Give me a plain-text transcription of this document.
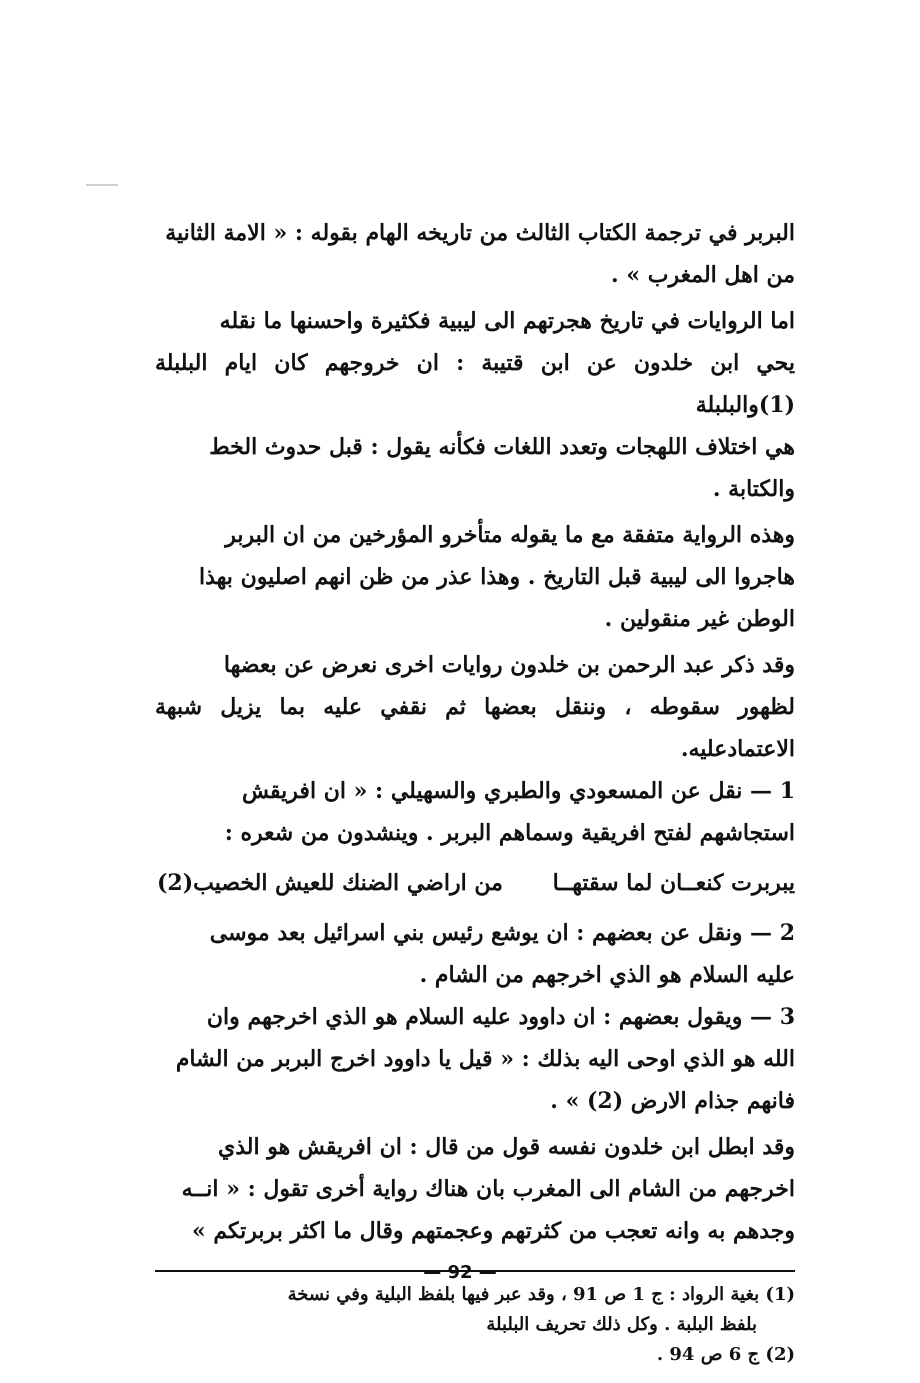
البربر في ترجمة الكتاب الثالث من تاريخه الهام بقوله : « الامة الثانية
من اهل المغرب » .
اما الروايات في تاريخ هجرتهم الى ليبية فكثيرة واحسنها ما نقله
يحي ابن خلدون عن ابن قتيبة : ان خروجهم كان ايام البلبلة (1)والبلبلة
هي اختلاف اللهجات وتعدد اللغات فكأنه يقول : قبل حدوث الخط
والكتابة .
وهذه الرواية متفقة مع ما يقوله متأخرو المؤرخين من ان البربر
هاجروا الى ليبية قبل التاريخ . وهذا عذر من ظن انهم اصليون بهذا
الوطن غير منقولين .
وقد ذكر عبد الرحمن بن خلدون روايات اخرى نعرض عن بعضها
لظهور سقوطه ، وننقل بعضها ثم نقفي عليه بما يزيل شبهة الاعتمادعليه.
1 — نقل عن المسعودي والطبري والسهيلي : « ان افريقش
استجاشهم لفتح افريقية وسماهم البربر . وينشدون من شعره :
يبربرت كنعــان لما سقتهــا
من اراضي الضنك للعيش الخصيب(2)
2 — ونقل عن بعضهم : ان يوشع رئيس بني اسرائيل بعد موسى
عليه السلام هو الذي اخرجهم من الشام .
3 — ويقول بعضهم : ان داوود عليه السلام هو الذي اخرجهم وان
الله هو الذي اوحى اليه بذلك : « قيل يا داوود اخرج البربر من الشام
فانهم جذام الارض (2) » .
وقد ابطل ابن خلدون نفسه قول من قال : ان افريقش هو الذي
اخرجهم من الشام الى المغرب بان هناك رواية أخرى تقول : « انــه
وجدهم به وانه تعجب من كثرتهم وعجمتهم وقال ما اكثر بربرتكم »
(1) بغية الرواد : ج 1 ص 91 ، وقد عبر فيها بلفظ البلية وفي نسخة
بلفظ البلبة . وكل ذلك تحريف البلبلة
(2) ج 6 ص 94 .
— 92 —
